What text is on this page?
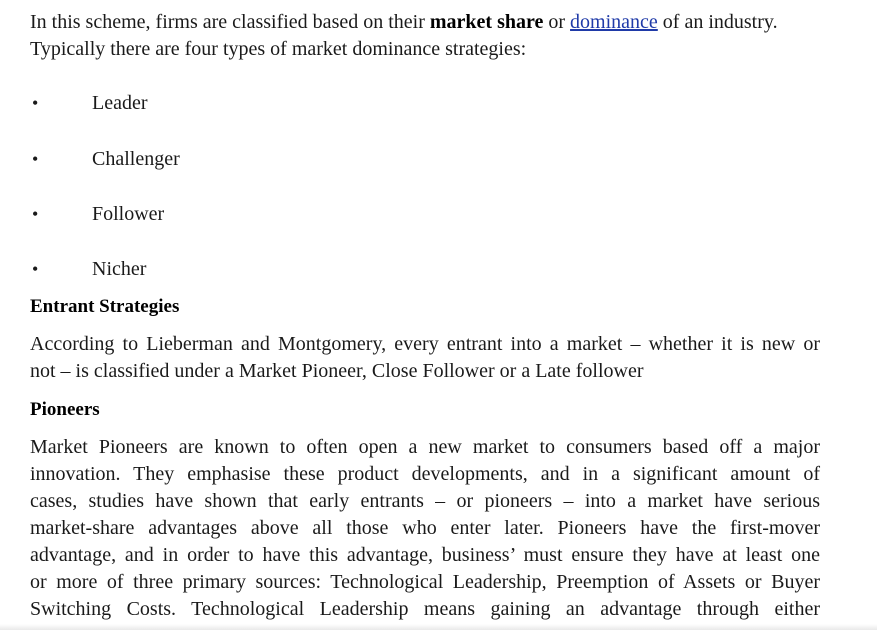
In this scheme, firms are classified based on their market share or dominance of an industry.
Typically there are four types of market dominance strategies:
•	Leader
•	Challenger
•	Follower
•	Nicher
Entrant Strategies
According to Lieberman and Montgomery, every entrant into a market – whether it is new or
not – is classified under a Market Pioneer, Close Follower or a Late follower
Pioneers
Market Pioneers are known to often open a new market to consumers based off a major
innovation. They emphasise these product developments, and in a significant amount of
cases, studies have shown that early entrants – or pioneers – into a market have serious
market-share advantages above all those who enter later. Pioneers have the first-mover
advantage, and in order to have this advantage, business’ must ensure they have at least one
or more of three primary sources: Technological Leadership, Preemption of Assets or Buyer
Switching Costs. Technological Leadership means gaining an advantage through either
